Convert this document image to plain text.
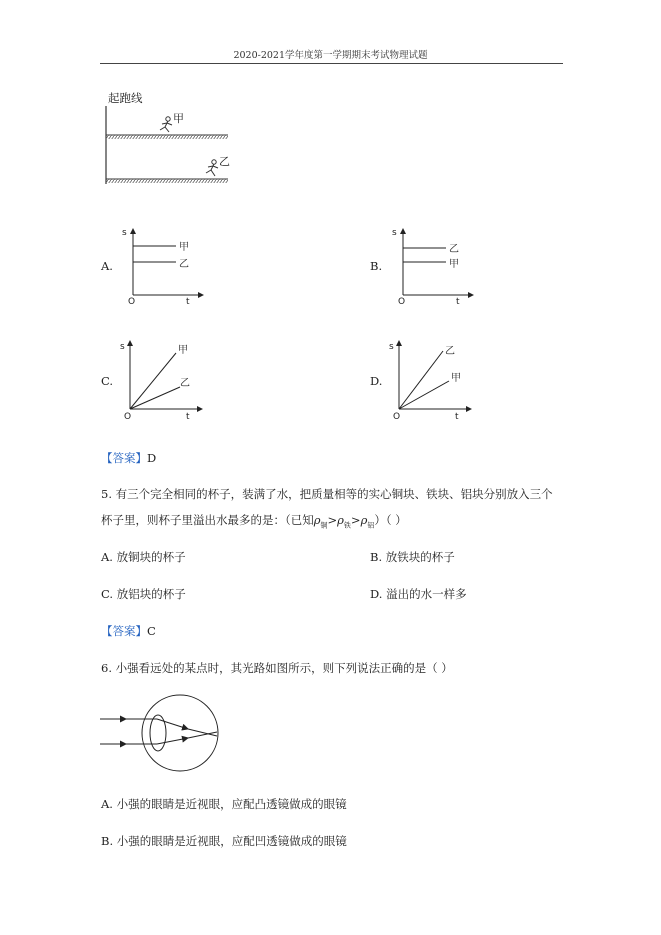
2020-2021学年度第一学期期末考试物理试题
起跑线
甲
乙
A.
s
t
O
甲
乙	B.
s
t
O
乙
甲
C.
s
t
O
甲
乙	D.
s
t
O
乙
甲
【答案】D
5. 有三个完全相同的杯子，装满了水，把质量相等的实心铜块、铁块、铝块分别放入三个
杯子里，则杯子里溢出水最多的是：（已知$\rho_铜>\rho_铁>\rho_铝$）（ ）
A. 放铜块的杯子	B. 放铁块的杯子
C. 放铝块的杯子	D. 溢出的水一样多
【答案】C
6. 小强看远处的某点时，其光路如图所示，则下列说法正确的是（ ）
A. 小强的眼睛是近视眼，应配凸透镜做成的眼镜
B. 小强的眼睛是近视眼，应配凹透镜做成的眼镜
